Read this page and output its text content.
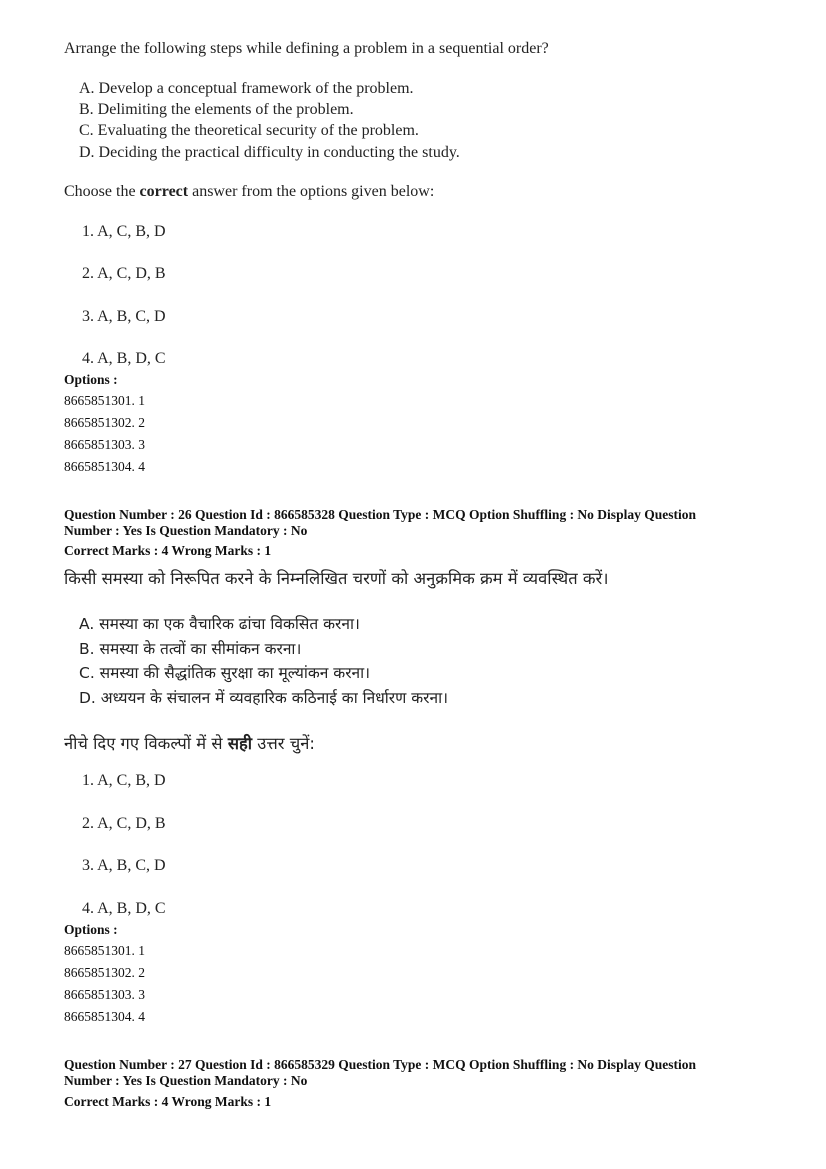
Arrange the following steps while defining a problem in a sequential order?
A. Develop a conceptual framework of the problem.
B. Delimiting the elements of the problem.
C. Evaluating the theoretical security of the problem.
D. Deciding the practical difficulty in conducting the study.
Choose the correct answer from the options given below:
1. A, C, B, D
2. A, C, D, B
3. A, B, C, D
4. A, B, D, C
Options :
8665851301. 1
8665851302. 2
8665851303. 3
8665851304. 4
Question Number : 26 Question Id : 866585328 Question Type : MCQ Option Shuffling : No Display Question
Number : Yes Is Question Mandatory : No
Correct Marks : 4 Wrong Marks : 1
किसी समस्या को निरूपित करने के निम्नलिखित चरणों को अनुक्रमिक क्रम में व्यवस्थित करें।
A. समस्या का एक वैचारिक ढांचा विकसित करना।
B. समस्या के तत्वों का सीमांकन करना।
C. समस्या की सैद्धांतिक सुरक्षा का मूल्यांकन करना।
D. अध्ययन के संचालन में व्यवहारिक कठिनाई का निर्धारण करना।
नीचे दिए गए विकल्पों में से सही उत्तर चुनें:
1. A, C, B, D
2. A, C, D, B
3. A, B, C, D
4. A, B, D, C
Options :
8665851301. 1
8665851302. 2
8665851303. 3
8665851304. 4
Question Number : 27 Question Id : 866585329 Question Type : MCQ Option Shuffling : No Display Question
Number : Yes Is Question Mandatory : No
Correct Marks : 4 Wrong Marks : 1
